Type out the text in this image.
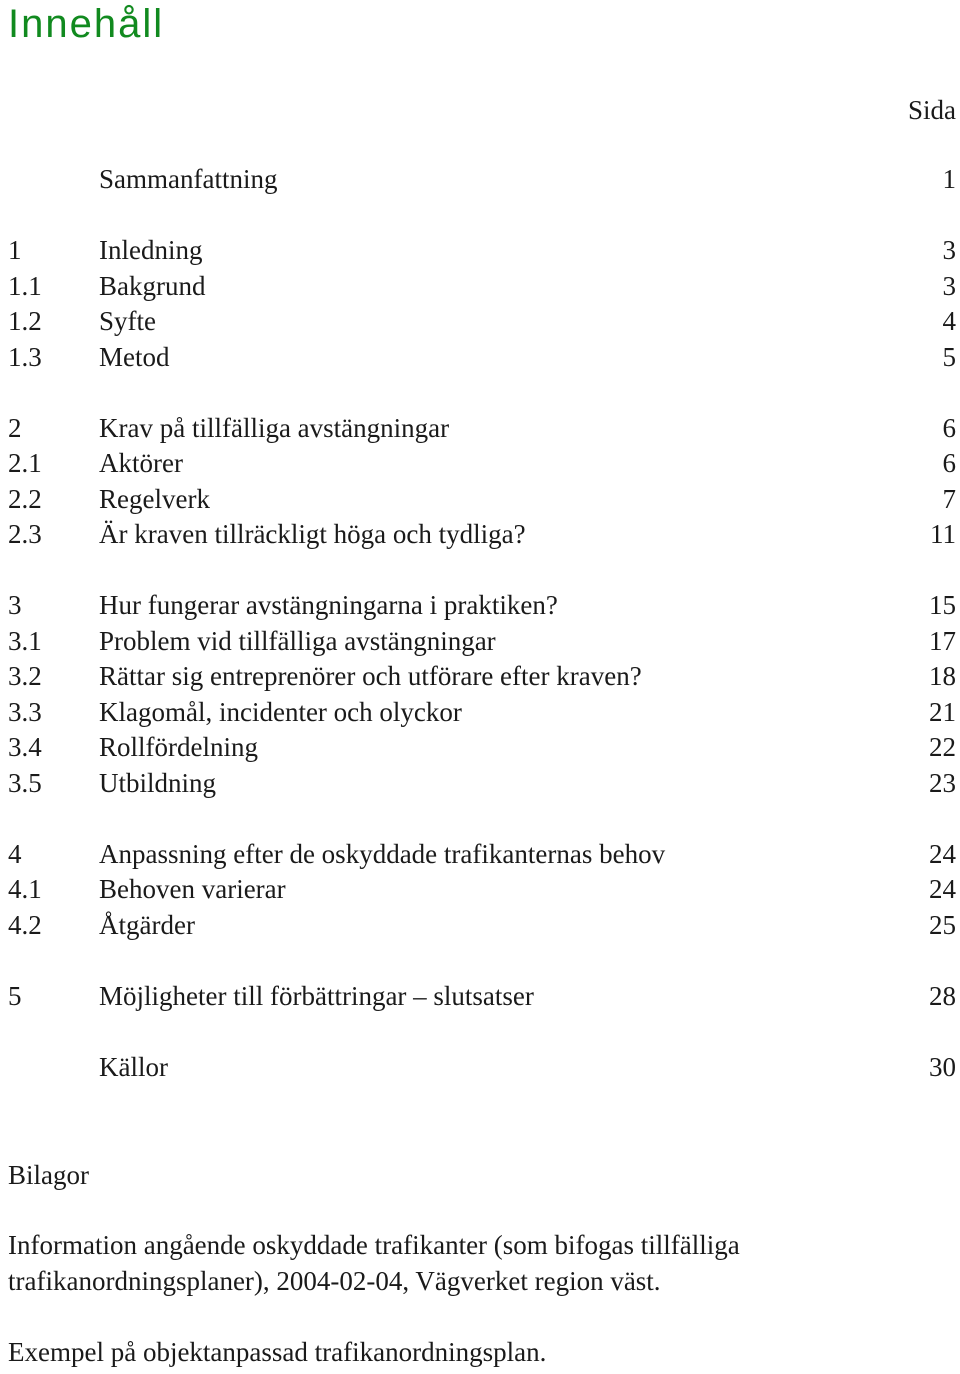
Innehåll
Sida
Sammanfattning	1
1	Inledning	3
1.1 Bakgrund	3
1.2 Syfte	4
1.3 Metod	5
2	Krav på tillfälliga avstängningar	6
2.1 Aktörer	6
2.2 Regelverk	7
2.3 Är kraven tillräckligt höga och tydliga?	11
3	Hur fungerar avstängningarna i praktiken?	15
3.1 Problem vid tillfälliga avstängningar	17
3.2 Rättar sig entreprenörer och utförare efter kraven?	18
3.3 Klagomål, incidenter och olyckor	21
3.4 Rollfördelning	22
3.5 Utbildning	23
4	Anpassning efter de oskyddade trafikanternas behov	24
4.1 Behoven varierar	24
4.2 Åtgärder	25
5	Möjligheter till förbättringar – slutsatser	28
Källor	30
Bilagor

Information angående oskyddade trafikanter (som bifogas tillfälliga trafikanordningsplaner), 2004-02-04, Vägverket region väst.

Exempel på objektanpassad trafikanordningsplan.
